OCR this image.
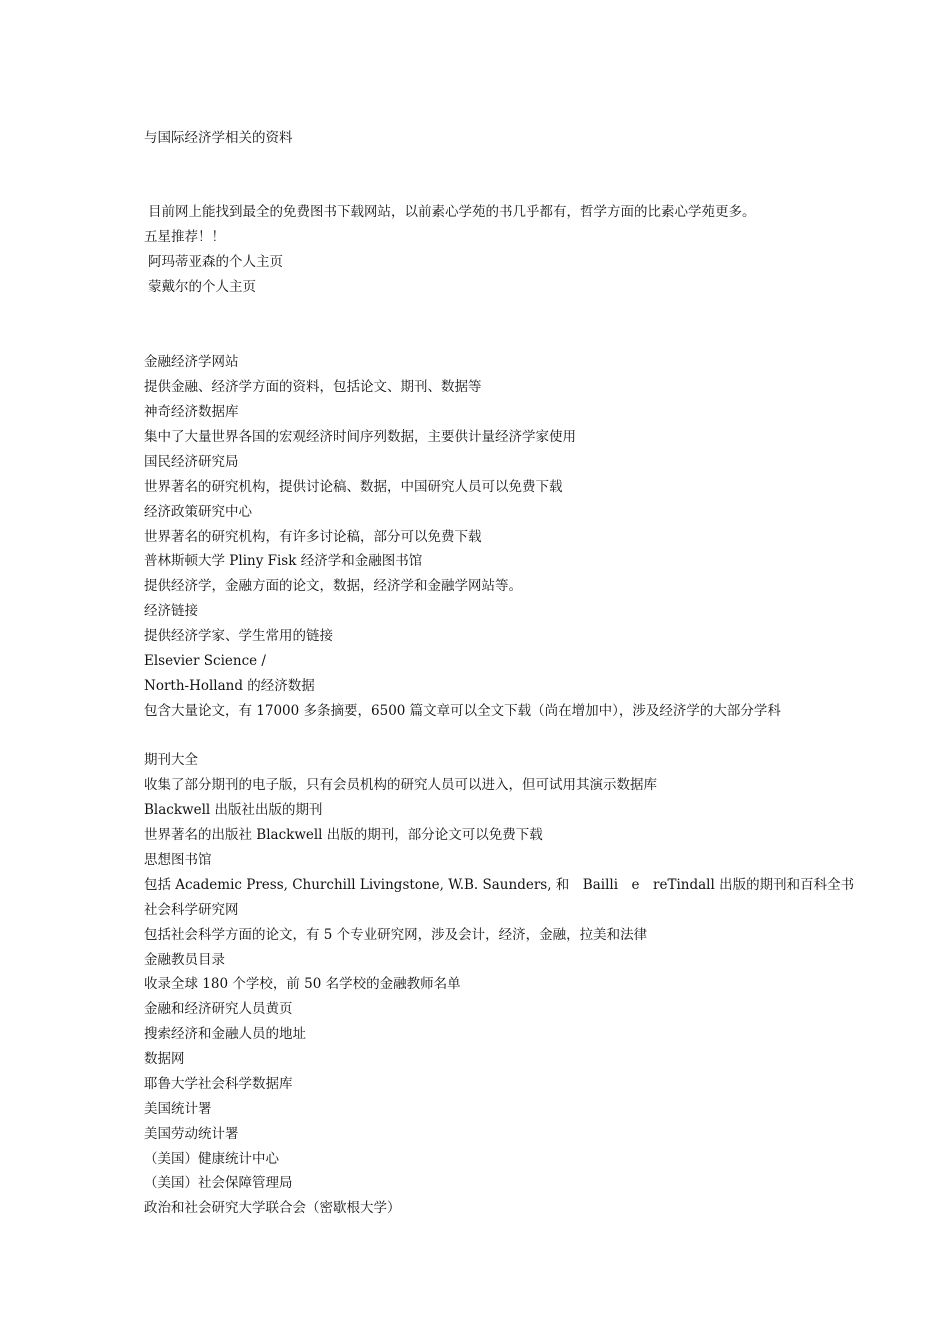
与国际经济学相关的资料
目前网上能找到最全的免费图书下载网站，以前素心学苑的书几乎都有，哲学方面的比素心学苑更多。
五星推荐！！
阿玛蒂亚森的个人主页
蒙戴尔的个人主页
金融经济学网站
提供金融、经济学方面的资料，包括论文、期刊、数据等
神奇经济数据库
集中了大量世界各国的宏观经济时间序列数据，主要供计量经济学家使用
国民经济研究局
世界著名的研究机构，提供讨论稿、数据，中国研究人员可以免费下载
经济政策研究中心
世界著名的研究机构，有许多讨论稿，部分可以免费下载
普林斯顿大学 Pliny Fisk 经济学和金融图书馆
提供经济学，金融方面的论文，数据，经济学和金融学网站等。
经济链接
提供经济学家、学生常用的链接
Elsevier Science /
North-Holland 的经济数据
包含大量论文，有 17000 多条摘要，6500 篇文章可以全文下载（尚在增加中），涉及经济学的大部分学科
期刊大全
收集了部分期刊的电子版，只有会员机构的研究人员可以进入，但可试用其演示数据库
Blackwell 出版社出版的期刊
世界著名的出版社 Blackwell 出版的期刊，部分论文可以免费下载
思想图书馆
包括 Academic Press, Churchill Livingstone, W.B. Saunders, 和　Bailli　e　reTindall 出版的期刊和百科全书
社会科学研究网
包括社会科学方面的论文，有 5 个专业研究网，涉及会计，经济，金融，拉美和法律
金融教员目录
收录全球 180 个学校，前 50 名学校的金融教师名单
金融和经济研究人员黄页
搜索经济和金融人员的地址
数据网
耶鲁大学社会科学数据库
美国统计署
美国劳动统计署
（美国）健康统计中心
（美国）社会保障管理局
政治和社会研究大学联合会（密歇根大学）
